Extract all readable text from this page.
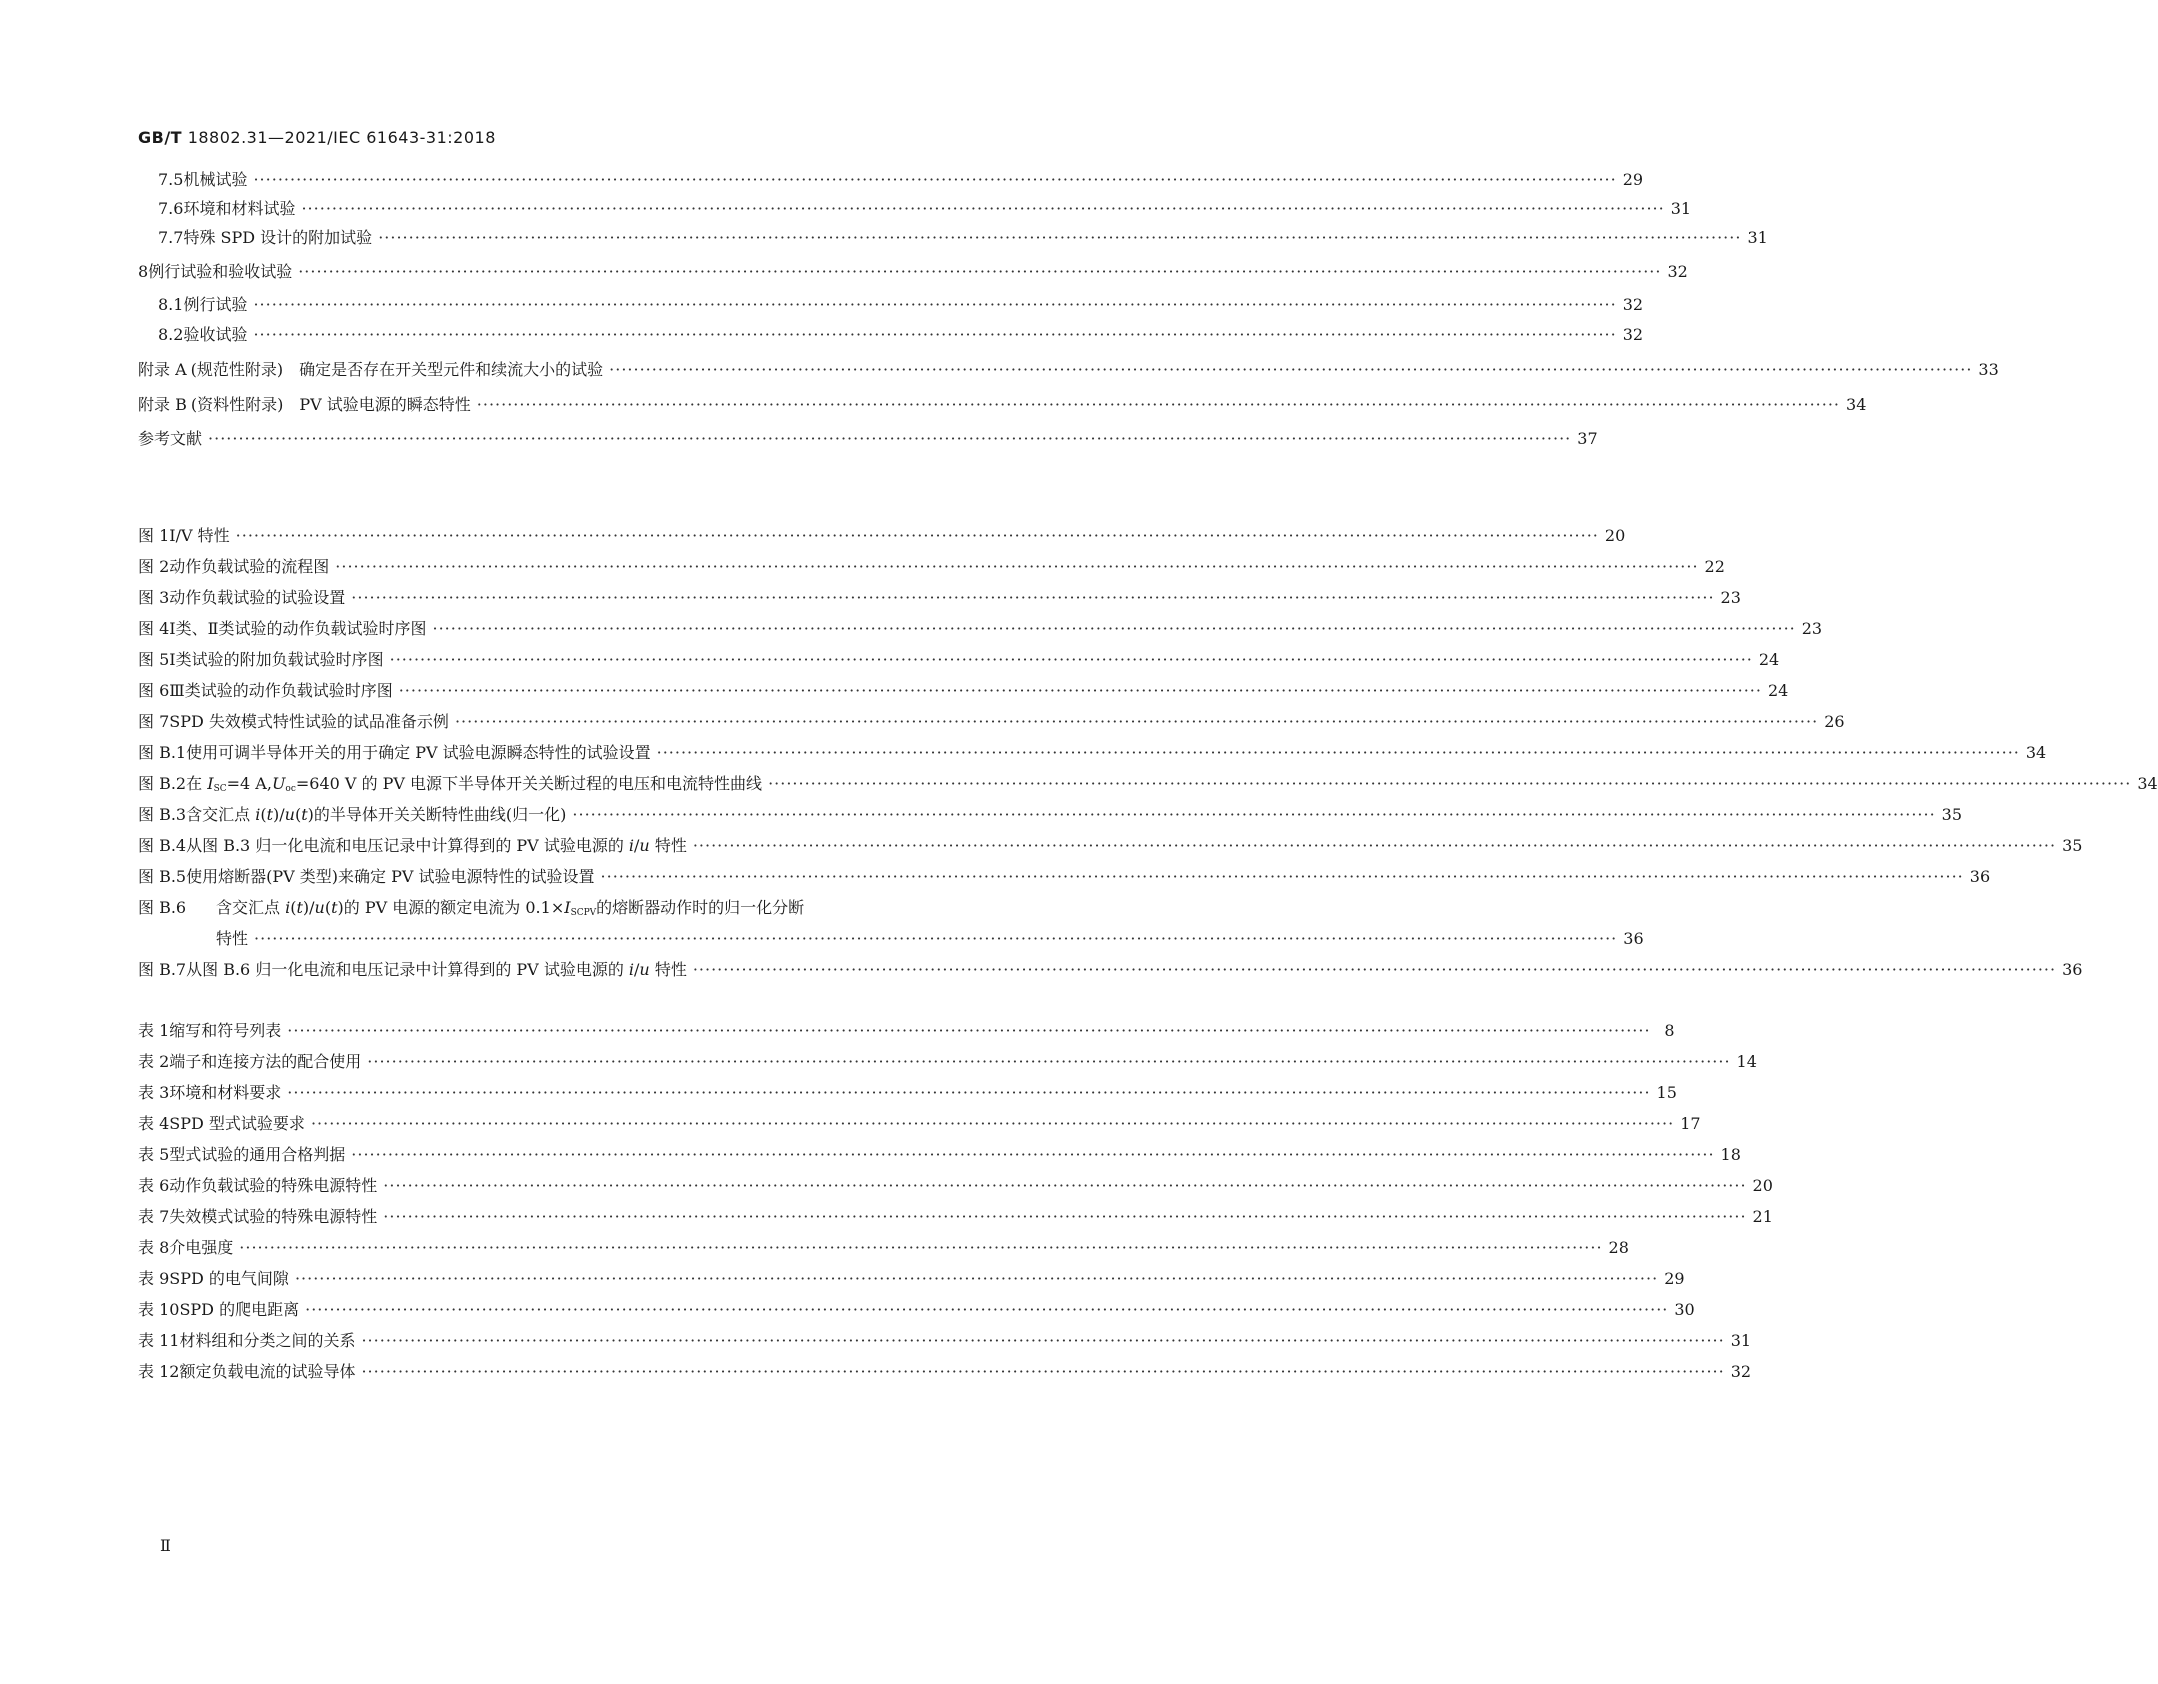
GB/T 18802.31—2021/IEC 61643-31:2018
7.5 机械试验 ·····	29
7.6 环境和材料试验 ·····	31
7.7 特殊 SPD 设计的附加试验 ·····	31
8 例行试验和验收试验 ·····	32
8.1 例行试验 ·····	32
8.2 验收试验 ·····	32
附录 A (规范性附录)　确定是否存在开关型元件和续流大小的试验 ·····	33
附录 B (资料性附录)　PV 试验电源的瞬态特性 ·····	34
参考文献 ·····	37
图 1 I/V 特性 ·····	20
图 2 动作负载试验的流程图 ·····	22
图 3 动作负载试验的试验设置 ·····	23
图 4 Ⅰ类、Ⅱ类试验的动作负载试验时序图 ·····	23
图 5 Ⅰ类试验的附加负载试验时序图 ·····	24
图 6 Ⅲ类试验的动作负载试验时序图 ·····	24
图 7 SPD 失效模式特性试验的试品准备示例 ·····	26
图 B.1 使用可调半导体开关的用于确定 PV 试验电源瞬态特性的试验设置 ·····	34
图 B.2 在 $I_{SC}=4$ $A,U_{oc}=640$ V 的 PV 电源下半导体开关关断过程的电压和电流特性曲线 ·····	34
图 B.3 含交汇点 i(t)/u(t)的半导体开关关断特性曲线(归一化) ·····	35
图 B.4 从图 B.3 归一化电流和电压记录中计算得到的 PV 试验电源的 i/u 特性 ·····	35
图 B.5 使用熔断器(PV 类型)来确定 PV 试验电源特性的试验设置 ·····	36
图 B.6	含交汇点 i(t)/u(t)的 PV 电源的额定电流为 $0.1\times I_{SCPV}$的熔断器动作时的归一化分断
特性 ·····	36
图 B.7 从图 B.6 归一化电流和电压记录中计算得到的 PV 试验电源的 i/u 特性 ·····	36
表 1 缩写和符号列表 ·····	8
表 2 端子和连接方法的配合使用 ·····	14
表 3 环境和材料要求 ·····	15
表 4 SPD 型式试验要求 ·····	17
表 5 型式试验的通用合格判据 ·····	18
表 6 动作负载试验的特殊电源特性 ·····	20
表 7 失效模式试验的特殊电源特性 ·····	21
表 8 介电强度 ·····	28
表 9 SPD 的电气间隙 ·····	29
表 10 SPD 的爬电距离 ·····	30
表 11 材料组和分类之间的关系 ·····	31
表 12 额定负载电流的试验导体 ·····	32
Ⅱ
